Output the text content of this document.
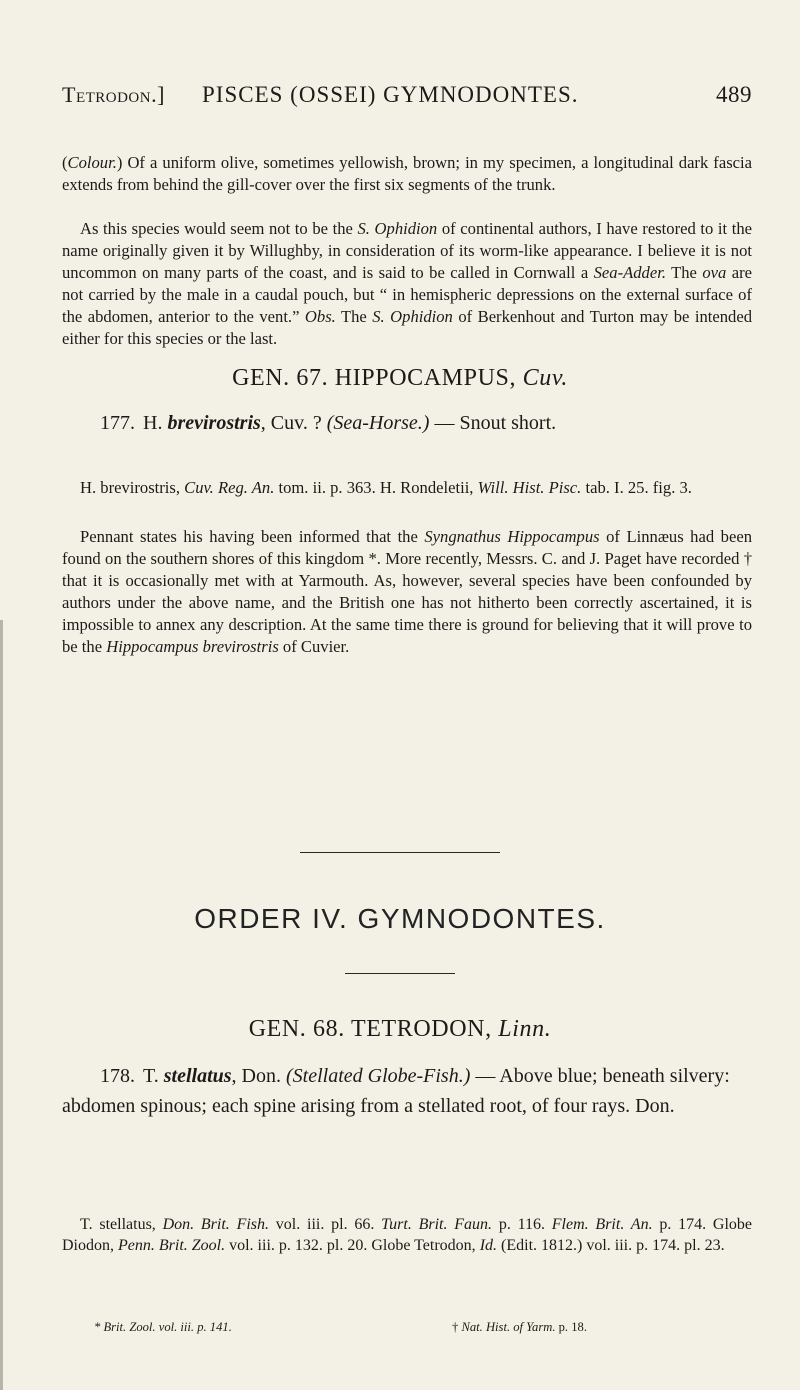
Tetrodon.] PISCES (OSSEI) GYMNODONTES.	489

(Colour.) Of a uniform olive, sometimes yellowish, brown; in my specimen, a longitudinal dark fascia extends from behind the gill-cover over the first six segments of the trunk.

As this species would seem not to be the S. Ophidion of continental authors, I have restored to it the name originally given it by Willughby, in consideration of its worm-like appearance. I believe it is not uncommon on many parts of the coast, and is said to be called in Cornwall a Sea-Adder. The ova are not carried by the male in a caudal pouch, but “ in hemispheric depressions on the external surface of the abdomen, anterior to the vent.” Obs. The S. Ophidion of Berkenhout and Turton may be intended either for this species or the last.

GEN. 67. HIPPOCAMPUS, Cuv.

177. H. brevirostris, Cuv. ? (Sea-Horse.) — Snout short.

H. brevirostris, Cuv. Reg. An. tom. ii. p. 363. H. Rondeletii, Will. Hist. Pisc. tab. I. 25. fig. 3.

Pennant states his having been informed that the Syngnathus Hippocampus of Linnæus had been found on the southern shores of this kingdom *. More recently, Messrs. C. and J. Paget have recorded † that it is occasionally met with at Yarmouth. As, however, several species have been confounded by authors under the above name, and the British one has not hitherto been correctly ascertained, it is impossible to annex any description. At the same time there is ground for believing that it will prove to be the Hippocampus brevirostris of Cuvier.

ORDER IV. GYMNODONTES.
GEN. 68. TETRODON, Linn.

178. T. stellatus, Don. (Stellated Globe-Fish.) — Above blue; beneath silvery: abdomen spinous; each spine arising from a stellated root, of four rays. Don.

T. stellatus, Don. Brit. Fish. vol. iii. pl. 66. Turt. Brit. Faun. p. 116. Flem. Brit. An. p. 174. Globe Diodon, Penn. Brit. Zool. vol. iii. p. 132. pl. 20. Globe Tetrodon, Id. (Edit. 1812.) vol. iii. p. 174. pl. 23.

* Brit. Zool. vol. iii. p. 141.	† Nat. Hist. of Yarm. p. 18.
